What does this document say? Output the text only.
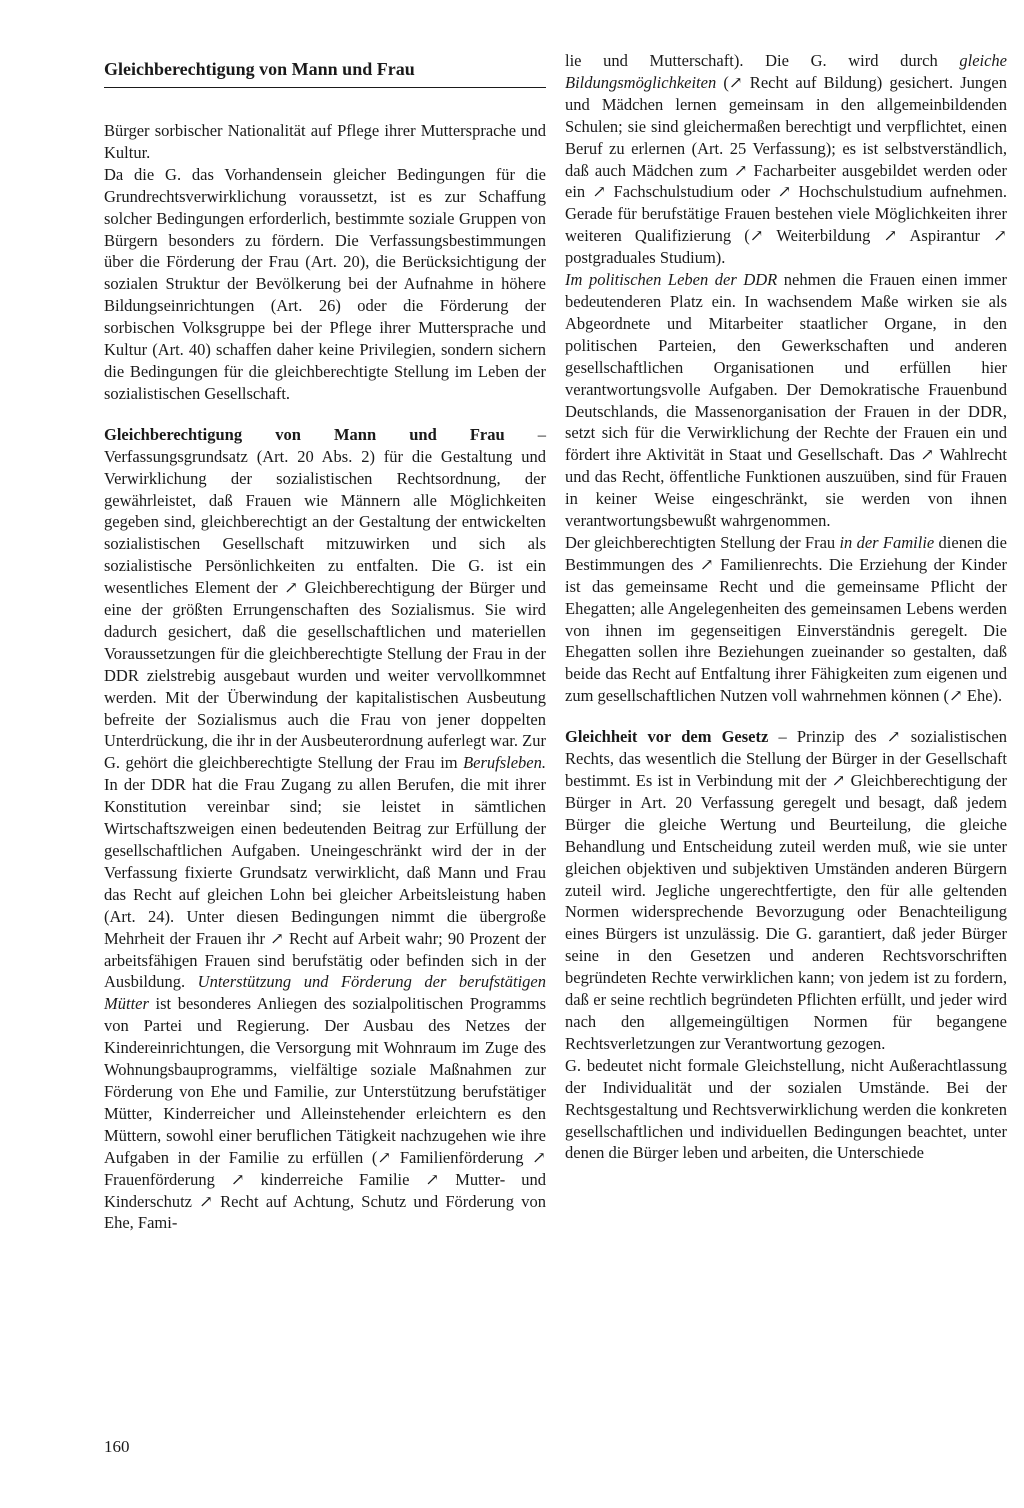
Gleichberechtigung von Mann und Frau

Bürger sorbischer Nationalität auf Pflege ihrer Muttersprache und Kultur.

Da die G. das Vorhandensein gleicher Bedingungen für die Grundrechtsverwirklichung voraussetzt, ist es zur Schaffung solcher Bedingungen erforderlich, bestimmte soziale Gruppen von Bürgern besonders zu fördern. Die Verfassungsbestimmungen über die Förderung der Frau (Art. 20), die Berücksichtigung der sozialen Struktur der Bevölkerung bei der Aufnahme in höhere Bildungseinrichtungen (Art. 26) oder die Förderung der sorbischen Volksgruppe bei der Pflege ihrer Muttersprache und Kultur (Art. 40) schaffen daher keine Privilegien, sondern sichern die Bedingungen für die gleichberechtigte Stellung im Leben der sozialistischen Gesellschaft.

Gleichberechtigung von Mann und Frau – Verfassungsgrundsatz (Art. 20 Abs. 2) für die Gestaltung und Verwirklichung der sozialistischen Rechtsordnung, der gewährleistet, daß Frauen wie Männern alle Möglichkeiten gegeben sind, gleichberechtigt an der Gestaltung der entwickelten sozialistischen Gesellschaft mitzuwirken und sich als sozialistische Persönlichkeiten zu entfalten. Die G. ist ein wesentliches Element der ↗ Gleichberechtigung der Bürger und eine der größten Errungenschaften des Sozialismus. Sie wird dadurch gesichert, daß die gesellschaftlichen und materiellen Voraussetzungen für die gleichberechtigte Stellung der Frau in der DDR zielstrebig ausgebaut wurden und weiter vervollkommnet werden. Mit der Überwindung der kapitalistischen Ausbeutung befreite der Sozialismus auch die Frau von jener doppelten Unterdrückung, die ihr in der Ausbeuterordnung auferlegt war. Zur G. gehört die gleichberechtigte Stellung der Frau im Berufsleben. In der DDR hat die Frau Zugang zu allen Berufen, die mit ihrer Konstitution vereinbar sind; sie leistet in sämtlichen Wirtschaftszweigen einen bedeutenden Beitrag zur Erfüllung der gesellschaftlichen Aufgaben. Uneingeschränkt wird der in der Verfassung fixierte Grundsatz verwirklicht, daß Mann und Frau das Recht auf gleichen Lohn bei gleicher Arbeitsleistung haben (Art. 24). Unter diesen Bedingungen nimmt die übergroße Mehrheit der Frauen ihr ↗ Recht auf Arbeit wahr; 90 Prozent der arbeitsfähigen Frauen sind berufstätig oder befinden sich in der Ausbildung. Unterstützung und Förderung der berufstätigen Mütter ist besonderes Anliegen des sozialpolitischen Programms von Partei und Regierung. Der Ausbau des Netzes der Kindereinrichtungen, die Versorgung mit Wohnraum im Zuge des Wohnungsbauprogramms, vielfältige soziale Maßnahmen zur Förderung von Ehe und Familie, zur Unterstützung berufstätiger Mütter, Kinderreicher und Alleinstehender erleichtern es den Müttern, sowohl einer beruflichen Tätigkeit nachzugehen wie ihre Aufgaben in der Familie zu erfüllen (↗ Familienförderung ↗ Frauenförderung ↗ kinderreiche Familie ↗ Mutter- und Kinderschutz ↗ Recht auf Achtung, Schutz und Förderung von Ehe, Fami-

lie und Mutterschaft). Die G. wird durch gleiche Bildungsmöglichkeiten (↗ Recht auf Bildung) gesichert. Jungen und Mädchen lernen gemeinsam in den allgemeinbildenden Schulen; sie sind gleichermaßen berechtigt und verpflichtet, einen Beruf zu erlernen (Art. 25 Verfassung); es ist selbstverständlich, daß auch Mädchen zum ↗ Facharbeiter ausgebildet werden oder ein ↗ Fachschulstudium oder ↗ Hochschulstudium aufnehmen. Gerade für berufstätige Frauen bestehen viele Möglichkeiten ihrer weiteren Qualifizierung (↗ Weiterbildung ↗ Aspirantur ↗ postgraduales Studium).

Im politischen Leben der DDR nehmen die Frauen einen immer bedeutenderen Platz ein. In wachsendem Maße wirken sie als Abgeordnete und Mitarbeiter staatlicher Organe, in den politischen Parteien, den Gewerkschaften und anderen gesellschaftlichen Organisationen und erfüllen hier verantwortungsvolle Aufgaben. Der Demokratische Frauenbund Deutschlands, die Massenorganisation der Frauen in der DDR, setzt sich für die Verwirklichung der Rechte der Frauen ein und fördert ihre Aktivität in Staat und Gesellschaft. Das ↗ Wahlrecht und das Recht, öffentliche Funktionen auszuüben, sind für Frauen in keiner Weise eingeschränkt, sie werden von ihnen verantwortungsbewußt wahrgenommen.

Der gleichberechtigten Stellung der Frau in der Familie dienen die Bestimmungen des ↗ Familienrechts. Die Erziehung der Kinder ist das gemeinsame Recht und die gemeinsame Pflicht der Ehegatten; alle Angelegenheiten des gemeinsamen Lebens werden von ihnen im gegenseitigen Einverständnis geregelt. Die Ehegatten sollen ihre Beziehungen zueinander so gestalten, daß beide das Recht auf Entfaltung ihrer Fähigkeiten zum eigenen und zum gesellschaftlichen Nutzen voll wahrnehmen können (↗ Ehe).

Gleichheit vor dem Gesetz – Prinzip des ↗ sozialistischen Rechts, das wesentlich die Stellung der Bürger in der Gesellschaft bestimmt. Es ist in Verbindung mit der ↗ Gleichberechtigung der Bürger in Art. 20 Verfassung geregelt und besagt, daß jedem Bürger die gleiche Wertung und Beurteilung, die gleiche Behandlung und Entscheidung zuteil werden muß, wie sie unter gleichen objektiven und subjektiven Umständen anderen Bürgern zuteil wird. Jegliche ungerechtfertigte, den für alle geltenden Normen widersprechende Bevorzugung oder Benachteiligung eines Bürgers ist unzulässig. Die G. garantiert, daß jeder Bürger seine in den Gesetzen und anderen Rechtsvorschriften begründeten Rechte verwirklichen kann; von jedem ist zu fordern, daß er seine rechtlich begründeten Pflichten erfüllt, und jeder wird nach den allgemeingültigen Normen für begangene Rechtsverletzungen zur Verantwortung gezogen.

G. bedeutet nicht formale Gleichstellung, nicht Außerachtlassung der Individualität und der sozialen Umstände. Bei der Rechtsgestaltung und Rechtsverwirklichung werden die konkreten gesellschaftlichen und individuellen Bedingungen beachtet, unter denen die Bürger leben und arbeiten, die Unterschiede

160
